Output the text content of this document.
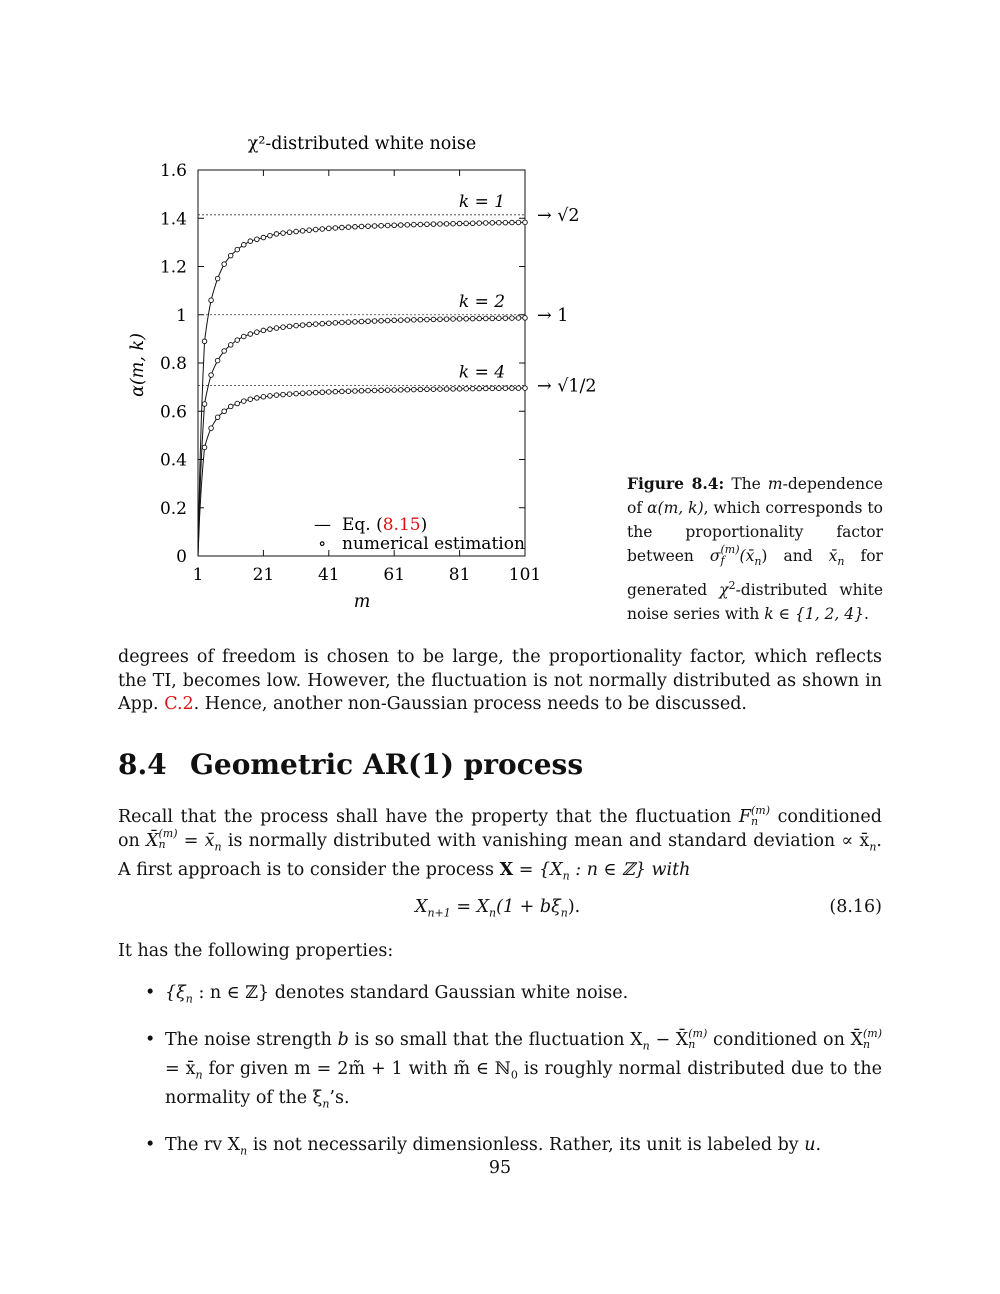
χ²-distributed white noise
0
0.2
0.4
0.6
0.8
1
1.2
1.4
1.6
1	21	41	61	81 101
k = 1
k = 2
k = 4
→ √2
→ 1
→ √1/2
α(m, k)
m
— Eq. (8.15)
∘ numerical estimation
Figure 8.4: The m-dependence of α(m, k), which corresponds to the proportionality factor between σ(m)
f $(x̄_n)$ and $x̄_n$ for generated $\chi^2$-distributed white noise series with k ∈ {1, 2, 4}.
degrees of freedom is chosen to be large, the proportionality factor, which reflects the TI, becomes low. However, the fluctuation is not normally distributed as shown in App. C.2. Hence, another non-Gaussian process needs to be discussed.
8.4 Geometric AR(1) process
Recall that the process shall have the property that the fluctuation F(m)
n conditioned on X̄(m)
$n = x̄_n$ is normally distributed with vanishing mean and standard deviation ∝ $x̄_n$. A first approach is to consider the process $X = \{X_n$ : n ∈ ℤ} with
$X_{n+1} = X_n(1 + b\xi_n)$.	(8.16)
It has the following properties:
• {$\xi_n$ : n ∈ ℤ} denotes standard Gaussian white noise.
• The noise strength b is so small that the fluctuation $X_n$ − X̄(m)
n conditioned on X̄(m)
$n = x̄_n$ for given m = 2m̃ + 1 with m̃ ∈ ℕ$_0$ is roughly normal distributed due to the normality of the $\xi_n’s$.
• The rv $X_n$ is not necessarily dimensionless. Rather, its unit is labeled by u.
95
